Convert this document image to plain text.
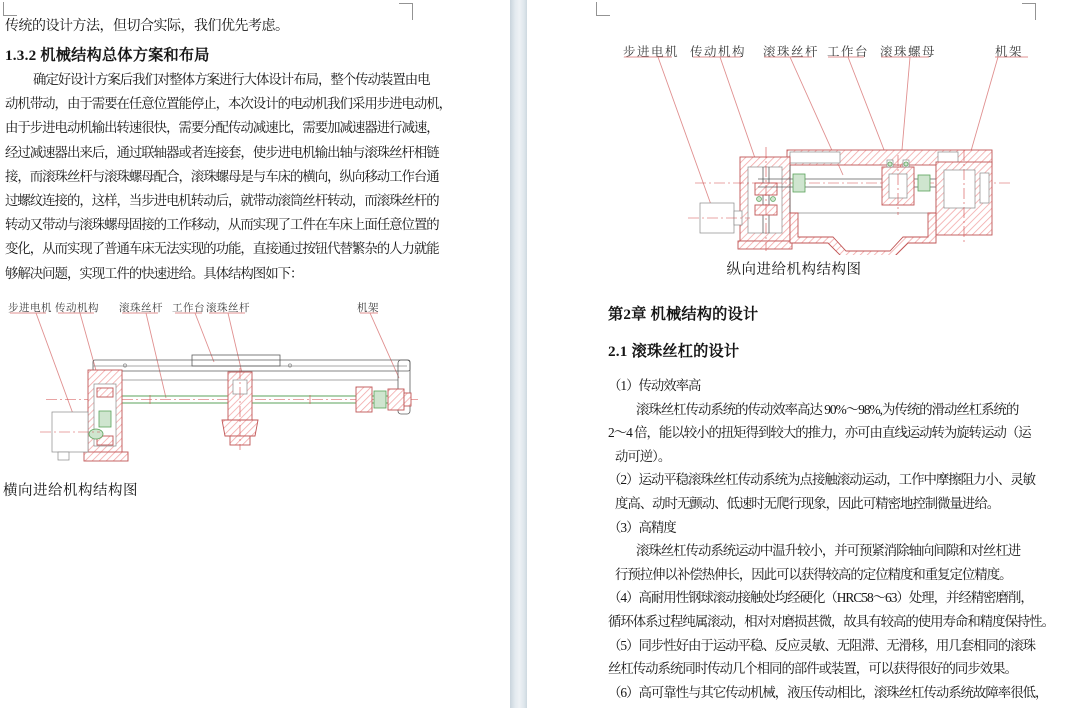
传统的设计方法，但切合实际，我们优先考虑。
1.3.2 机械结构总体方案和布局
确定好设计方案后我们对整体方案进行大体设计布局，整个传动装置由电
动机带动，由于需要在任意位置能停止，本次设计的电动机我们采用步进电动机，
由于步进电动机输出转速很快，需要分配传动减速比，需要加减速器进行减速，
经过减速器出来后，通过联轴器或者连接套，使步进电机输出轴与滚珠丝杆相链
接，而滚珠丝杆与滚珠螺母配合，滚珠螺母是与车床的横向，纵向移动工作台通
过螺纹连接的，这样，当步进电机转动后，就带动滚筒丝杆转动，而滚珠丝杆的
转动又带动与滚珠螺母固接的工作移动，从而实现了工件在车床上面任意位置的
变化，从而实现了普通车床无法实现的功能，直接通过按钮代替繁杂的人力就能
够解决问题，实现工件的快速进给。具体结构图如下：
步进电机 传动机构 滚珠丝杆 工作台 滚珠丝杆	机架
横向进给机构结构图
步进电机 传动机构 滚珠丝杆 工作台 滚珠螺母	机架
纵向进给机构结构图
第2章 机械结构的设计
2.1 滚珠丝杠的设计
（1）传动效率高
滚珠丝杠传动系统的传动效率高达 90%～98%,为传统的滑动丝杠系统的
2～4 倍，能以较小的扭矩得到较大的推力，亦可由直线运动转为旋转运动（运
动可逆）。
（2）运动平稳滚珠丝杠传动系统为点接触滚动运动，工作中摩擦阻力小、灵敏
度高、动时无颤动、低速时无爬行现象，因此可精密地控制微量进给。
（3）高精度
滚珠丝杠传动系统运动中温升较小，并可预紧消除轴向间隙和对丝杠进
行预拉伸以补偿热伸长，因此可以获得较高的定位精度和重复定位精度。
（4）高耐用性钢球滚动接触处均经硬化（HRC58～63）处理，并经精密磨削，
循环体系过程纯属滚动，相对对磨损甚微，故具有较高的使用寿命和精度保持性。
（5）同步性好由于运动平稳、反应灵敏、无阻滞、无滑移，用几套相同的滚珠
丝杠传动系统同时传动几个相同的部件或装置，可以获得很好的同步效果。
（6）高可靠性与其它传动机械，液压传动相比，滚珠丝杠传动系统故障率很低，
